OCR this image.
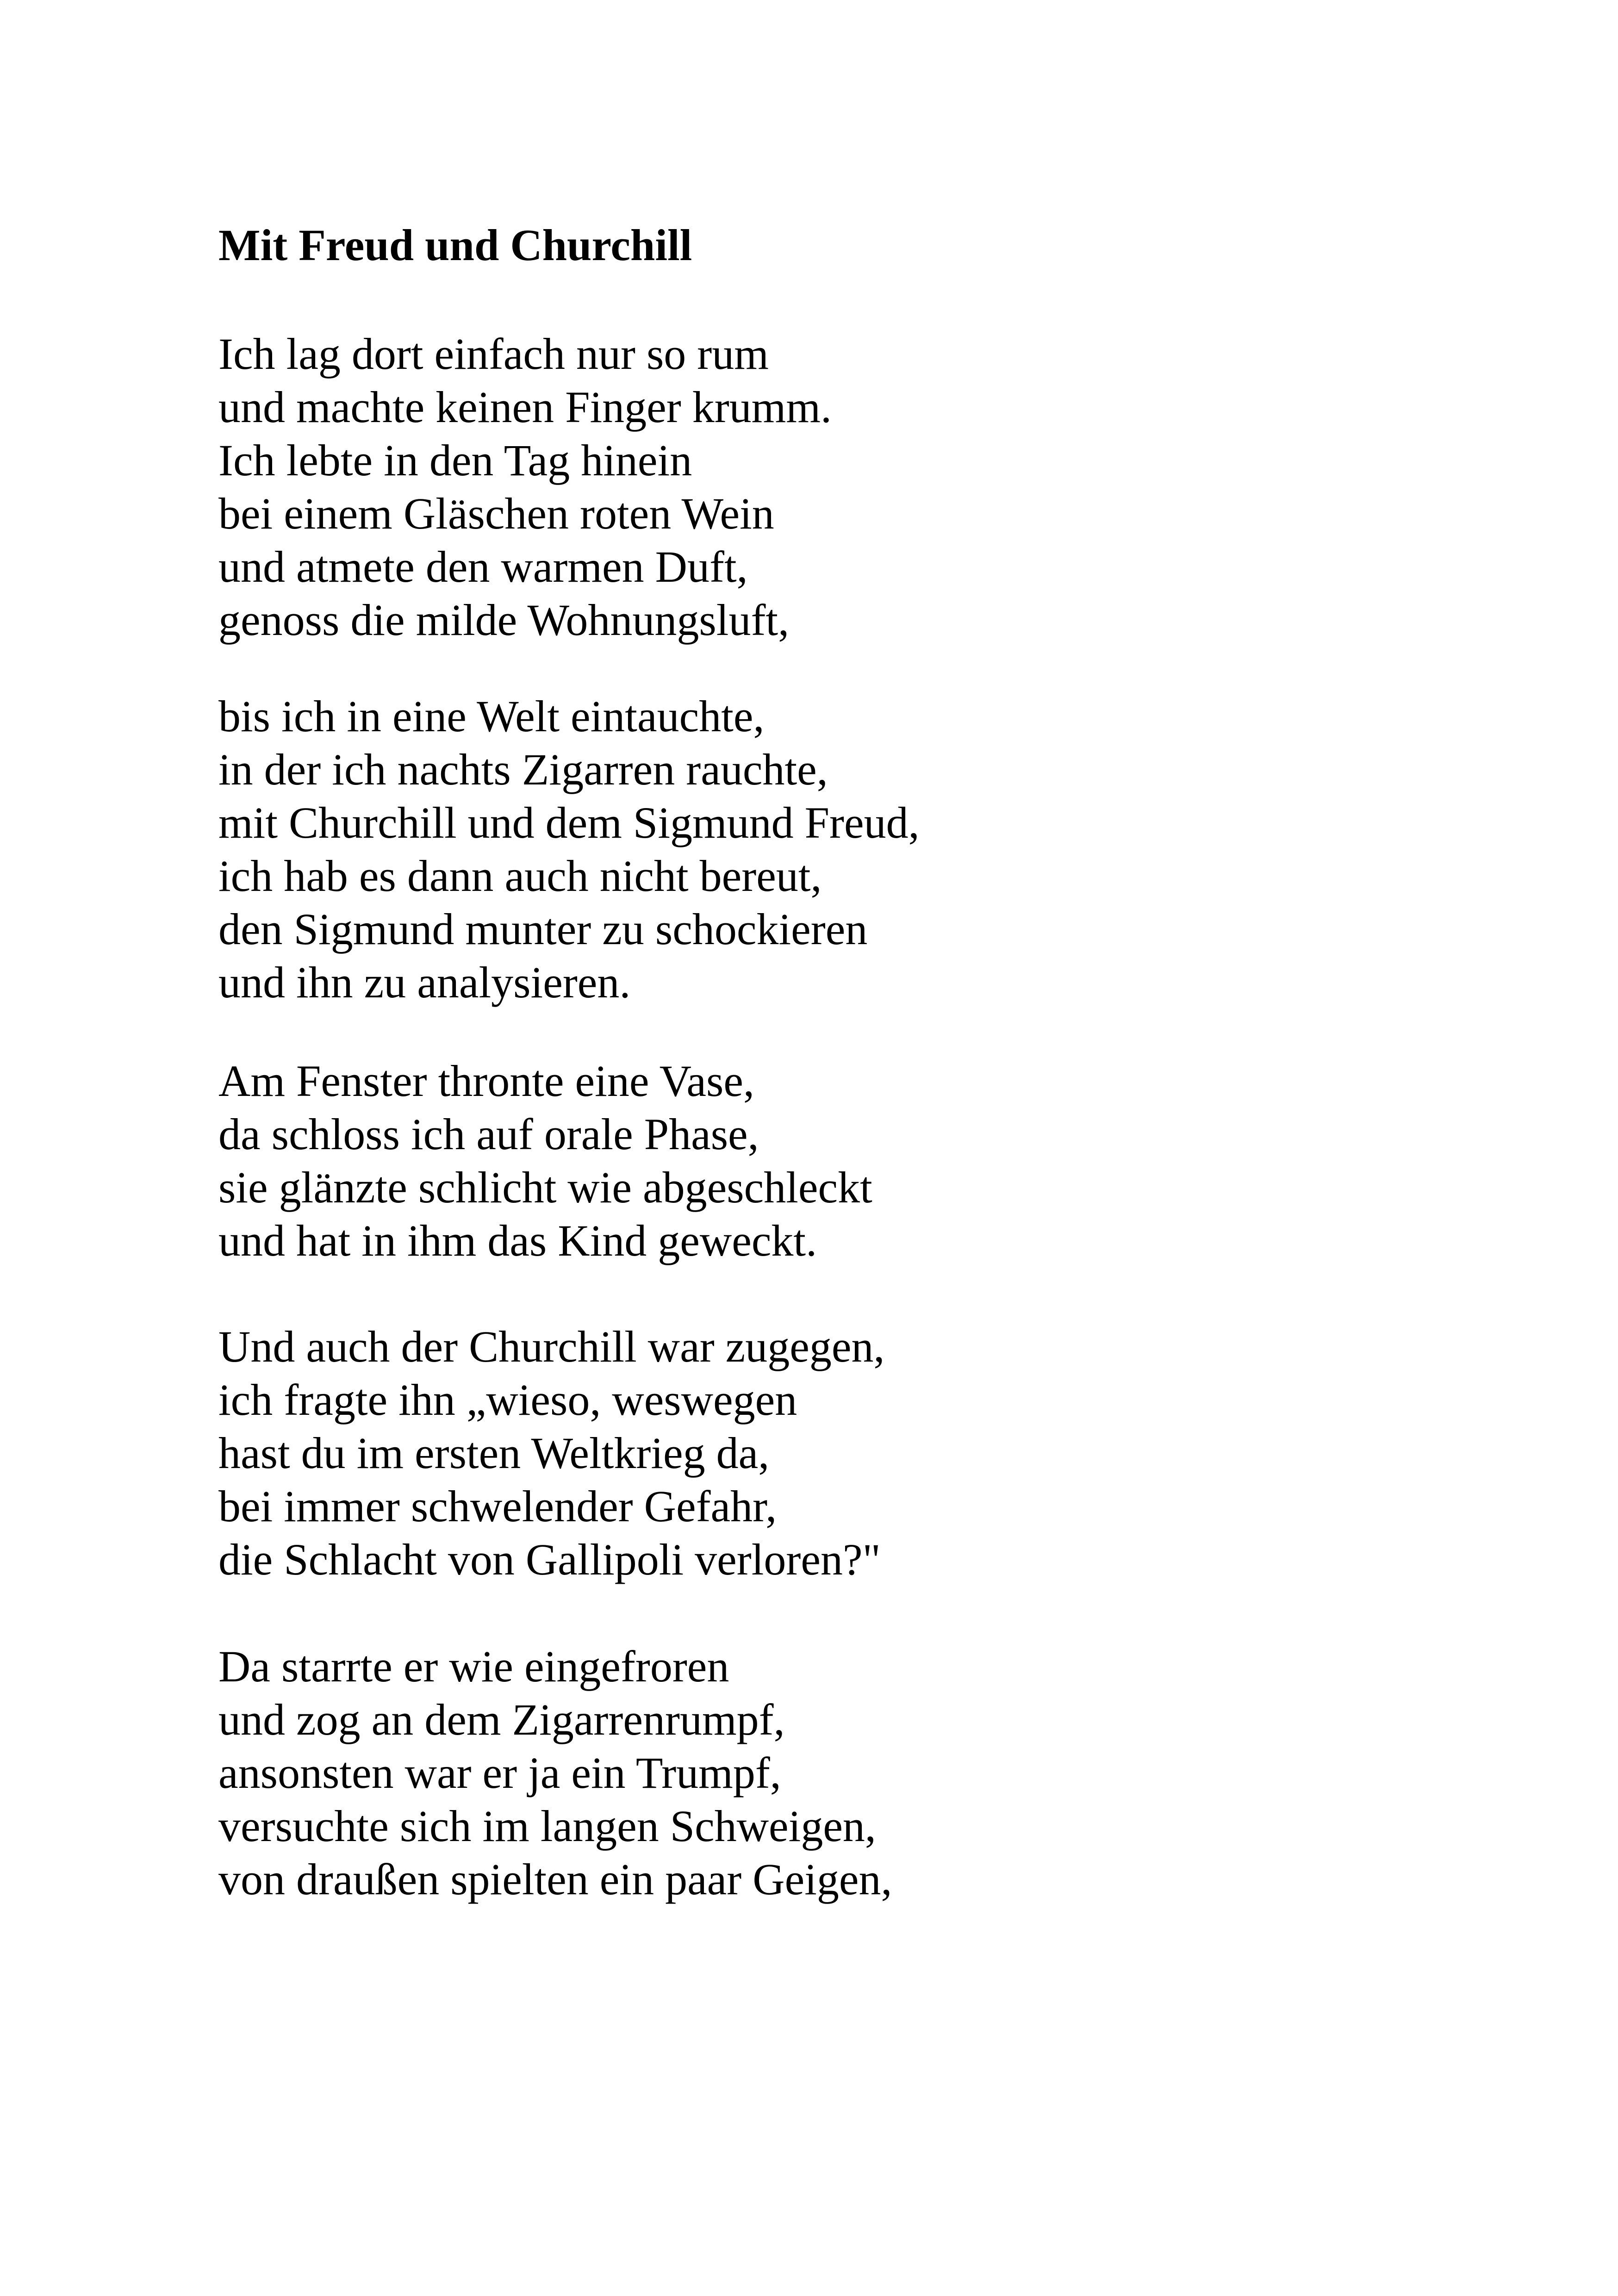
Mit Freud und Churchill
Ich lag dort einfach nur so rum
und machte keinen Finger krumm.
Ich lebte in den Tag hinein
bei einem Gläschen roten Wein
und atmete den warmen Duft,
genoss die milde Wohnungsluft,
bis ich in eine Welt eintauchte,
in der ich nachts Zigarren rauchte,
mit Churchill und dem Sigmund Freud,
ich hab es dann auch nicht bereut,
den Sigmund munter zu schockieren
und ihn zu analysieren.
Am Fenster thronte eine Vase,
da schloss ich auf orale Phase,
sie glänzte schlicht wie abgeschleckt
und hat in ihm das Kind geweckt.
Und auch der Churchill war zugegen,
ich fragte ihn „wieso, weswegen
hast du im ersten Weltkrieg da,
bei immer schwelender Gefahr,
die Schlacht von Gallipoli verloren?"
Da starrte er wie eingefroren
und zog an dem Zigarrenrumpf,
ansonsten war er ja ein Trumpf,
versuchte sich im langen Schweigen,
von draußen spielten ein paar Geigen,
